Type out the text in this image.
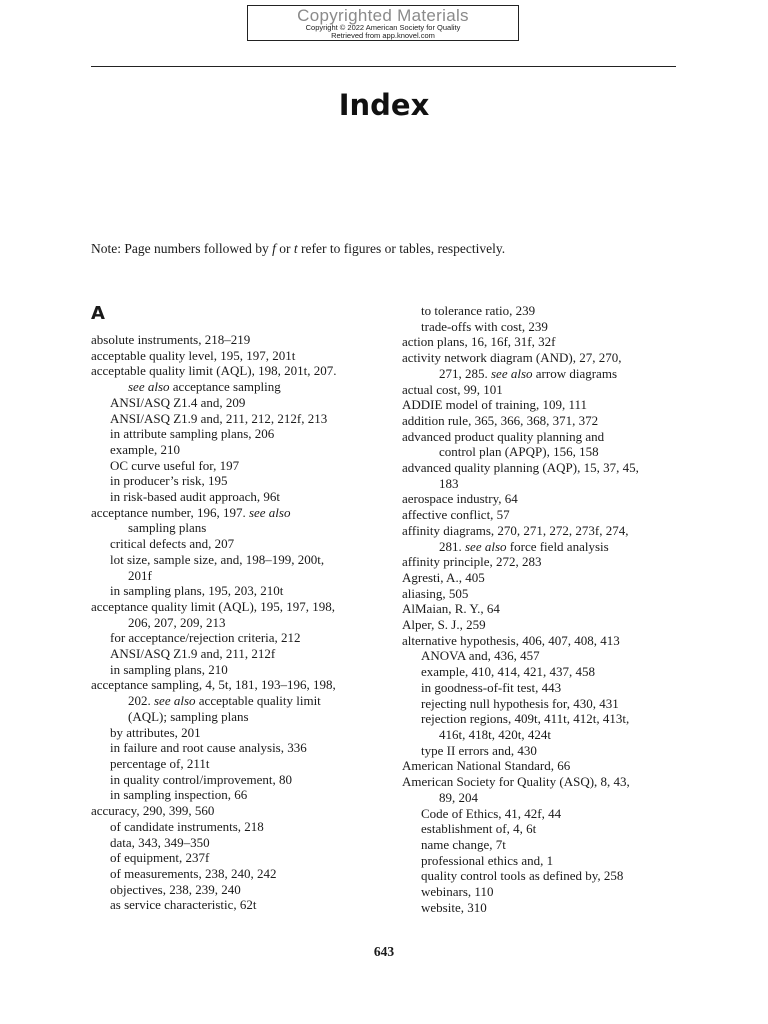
Copyrighted Materials
Copyright © 2022 American Society for Quality
Retrieved from app.knovel.com
Index
Note: Page numbers followed by f or t refer to figures or tables, respectively.
A
absolute instruments, 218–219
acceptable quality level, 195, 197, 201t
acceptable quality limit (AQL), 198, 201t, 207.
see also acceptance sampling
ANSI/ASQ Z1.4 and, 209
ANSI/ASQ Z1.9 and, 211, 212, 212f, 213
in attribute sampling plans, 206
example, 210
OC curve useful for, 197
in producer’s risk, 195
in risk-based audit approach, 96t
acceptance number, 196, 197. see also
sampling plans
critical defects and, 207
lot size, sample size, and, 198–199, 200t,
201f
in sampling plans, 195, 203, 210t
acceptance quality limit (AQL), 195, 197, 198,
206, 207, 209, 213
for acceptance/rejection criteria, 212
ANSI/ASQ Z1.9 and, 211, 212f
in sampling plans, 210
acceptance sampling, 4, 5t, 181, 193–196, 198,
202. see also acceptable quality limit
(AQL); sampling plans
by attributes, 201
in failure and root cause analysis, 336
percentage of, 211t
in quality control/improvement, 80
in sampling inspection, 66
accuracy, 290, 399, 560
of candidate instruments, 218
data, 343, 349–350
of equipment, 237f
of measurements, 238, 240, 242
objectives, 238, 239, 240
as service characteristic, 62t
to tolerance ratio, 239
trade-offs with cost, 239
action plans, 16, 16f, 31f, 32f
activity network diagram (AND), 27, 270,
271, 285. see also arrow diagrams
actual cost, 99, 101
ADDIE model of training, 109, 111
addition rule, 365, 366, 368, 371, 372
advanced product quality planning and
control plan (APQP), 156, 158
advanced quality planning (AQP), 15, 37, 45,
183
aerospace industry, 64
affective conflict, 57
affinity diagrams, 270, 271, 272, 273f, 274,
281. see also force field analysis
affinity principle, 272, 283
Agresti, A., 405
aliasing, 505
AlMaian, R. Y., 64
Alper, S. J., 259
alternative hypothesis, 406, 407, 408, 413
ANOVA and, 436, 457
example, 410, 414, 421, 437, 458
in goodness-of-fit test, 443
rejecting null hypothesis for, 430, 431
rejection regions, 409t, 411t, 412t, 413t,
416t, 418t, 420t, 424t
type II errors and, 430
American National Standard, 66
American Society for Quality (ASQ), 8, 43,
89, 204
Code of Ethics, 41, 42f, 44
establishment of, 4, 6t
name change, 7t
professional ethics and, 1
quality control tools as defined by, 258
webinars, 110
website, 310
643
